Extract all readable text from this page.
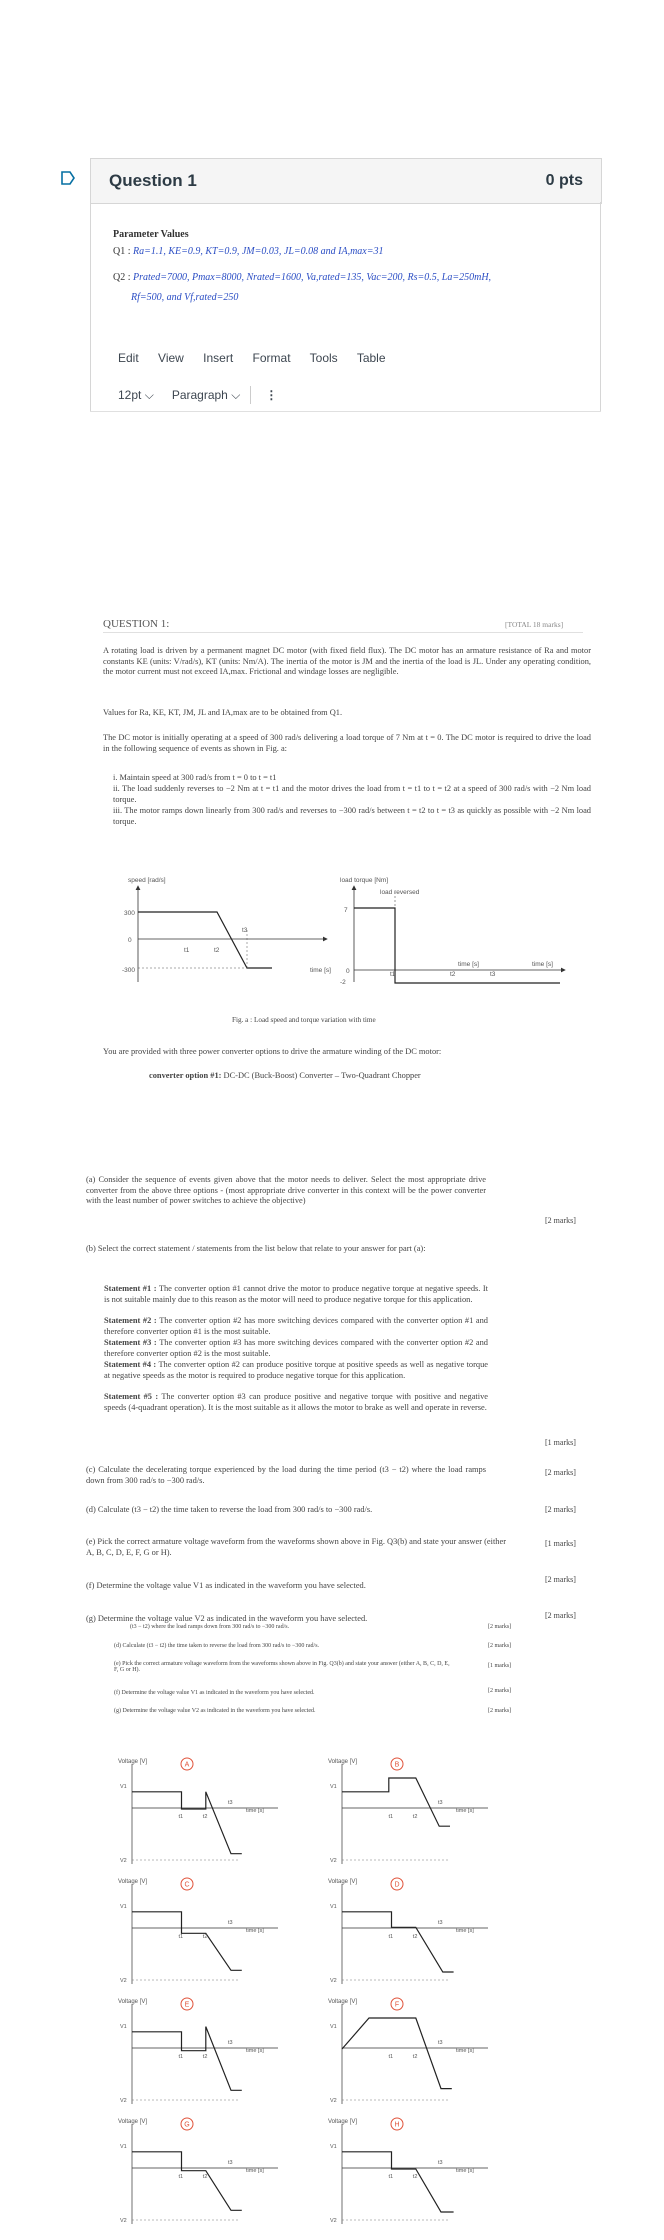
Question 1	0 pts
Parameter Values
Q1 : Ra=1.1, KE=0.9, KT=0.9, JM=0.03, JL=0.08 and IA,max=31
Q2 : Prated=7000, Pmax=8000, Nrated=1600, Va,rated=135, Vac=200, Rs=0.5, La=250mH,
Rf=500, and Vf,rated=250
Edit View Insert Format Tools Table
12pt ⌵ Paragraph ⌵ ⋮
QUESTION 1:	[TOTAL 18 marks]
A rotating load is driven by a permanent magnet DC motor (with fixed field flux). The DC motor has an armature resistance of Ra and motor constants KE (units: V/rad/s), KT (units: Nm/A). The inertia of the motor is JM and the inertia of the load is JL. Under any operating condition, the motor current must not exceed IA,max. Frictional and windage losses are negligible.
Values for Ra, KE, KT, JM, JL and IA,max are to be obtained from Q1.
The DC motor is initially operating at a speed of 300 rad/s delivering a load torque of 7 Nm at t = 0. The DC motor is required to drive the load in the following sequence of events as shown in Fig. a:
i. Maintain speed at 300 rad/s from t = 0 to t = t1
ii. The load suddenly reverses to −2 Nm at t = t1 and the motor drives the load from t = t1 to t = t2 at a speed of 300 rad/s with −2 Nm load torque.
iii. The motor ramps down linearly from 300 rad/s and reverses to −300 rad/s between t = t2 to t = t3 as quickly as possible with −2 Nm load torque.
speed [rad/s]
300
0
-300
t1	t2
t3
time [s]
load torque [Nm]
load reversed
7
-2
0	t1	t2	t3
time [s]
time [s]
Fig. a : Load speed and torque variation with time
You are provided with three power converter options to drive the armature winding of the DC motor:
converter option #1: DC-DC (Buck-Boost) Converter – Two-Quadrant Chopper
(a) Consider the sequence of events given above that the motor needs to deliver. Select the most appropriate drive converter from the above three options - (most appropriate drive converter in this context will be the power converter with the least number of power switches to achieve the objective)
[2 marks]
(b) Select the correct statement / statements from the list below that relate to your answer for part (a):
Statement #1 : The converter option #1 cannot drive the motor to produce negative torque at negative speeds. It is not suitable mainly due to this reason as the motor will need to produce negative torque for this application.
Statement #2 : The converter option #2 has more switching devices compared with the converter option #1 and therefore converter option #1 is the most suitable.
Statement #3 : The converter option #3 has more switching devices compared with the converter option #2 and therefore converter option #2 is the most suitable.
Statement #4 : The converter option #2 can produce positive torque at positive speeds as well as negative torque at negative speeds as the motor is required to produce negative torque for this application.
Statement #5 : The converter option #3 can produce positive and negative torque with positive and negative speeds (4-quadrant operation). It is the most suitable as it allows the motor to brake as well and operate in reverse.
[1 marks]
(c) Calculate the decelerating torque experienced by the load during the time period (t3 − t2) where the load ramps down from 300 rad/s to −300 rad/s.
[2 marks]
(d) Calculate (t3 − t2) the time taken to reverse the load from 300 rad/s to −300 rad/s.	[2 marks]
(e) Pick the correct armature voltage waveform from the waveforms shown above in Fig. Q3(b) and state your answer (either A, B, C, D, E, F, G or H).
[1 marks]
(f) Determine the voltage value V1 as indicated in the waveform you have selected.
[2 marks]
(g) Determine the voltage value V2 as indicated in the waveform you have selected.	[2 marks]
(t3 − t2) where the load ramps down from 300 rad/s to −300 rad/s.	[2 marks]
(d) Calculate (t3 − t2) the time taken to reverse the load from 300 rad/s to −300 rad/s.	[2 marks]
(e) Pick the correct armature voltage waveform from the waveforms shown above in Fig. Q3(b) and state your answer (either A, B, C, D, E, F, G or H).
[1 marks]
(f) Determine the voltage value V1 as indicated in the waveform you have selected.	[2 marks]
(g) Determine the voltage value V2 as indicated in the waveform you have selected.	[2 marks]
Voltage [V]
time [s]
V1
V2
t1	t2
t3
A	Voltage [V]
time [s]
V1
V2
t1	t2
t3
B
Voltage [V]
time [s]
V1
V2
t1	t2
t3
C	Voltage [V]
time [s]
V1
V2
t1	t2
t3
D
Voltage [V]
time [s]
V1
V2
t1	t2
t3
E	Voltage [V]
time [s]
V1
V2
t1	t2
t3
F
Voltage [V]
time [s]
V1
V2
t1	t2
t3
G	Voltage [V]
time [s]
V1
V2
t1	t2
t3
H
